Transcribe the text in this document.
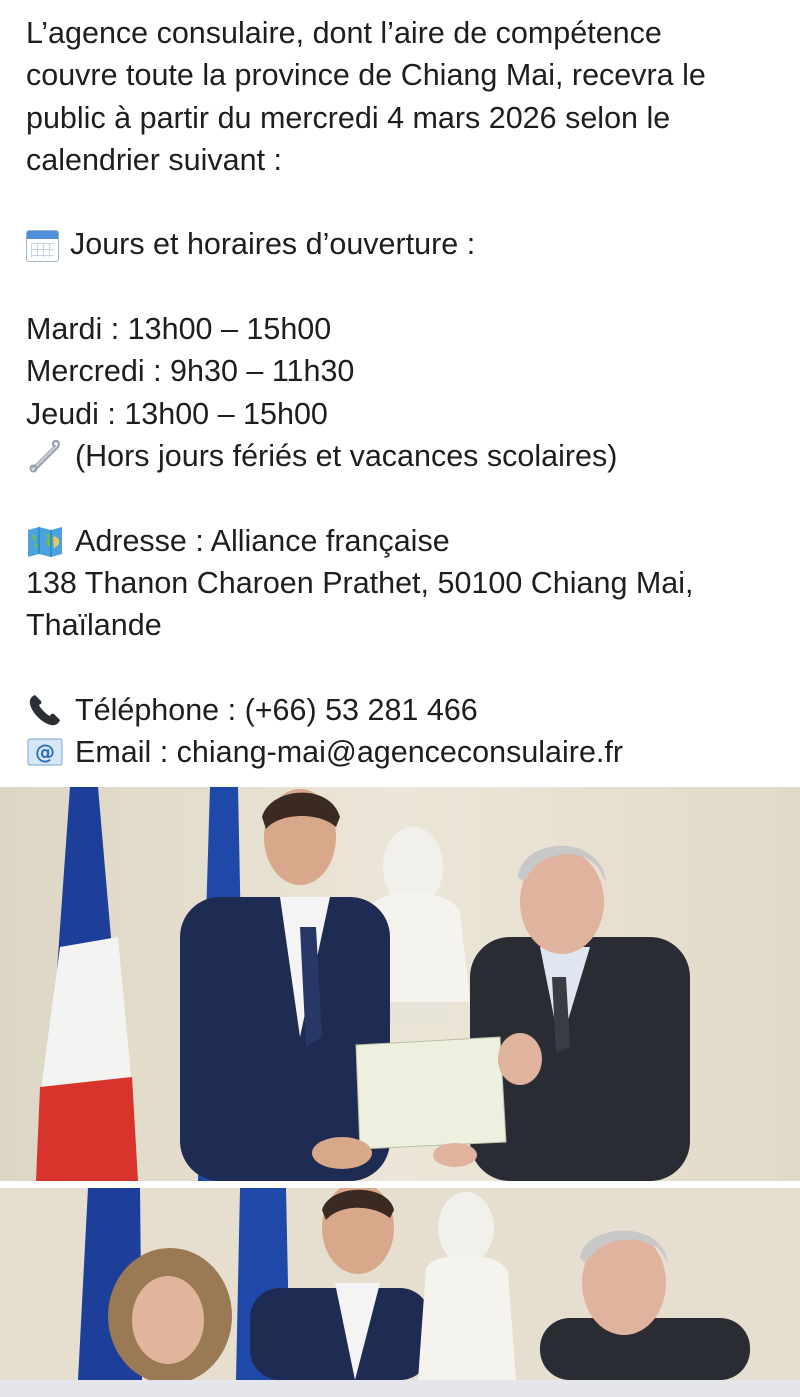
L’agence consulaire, dont l’aire de compétence
couvre toute la province de Chiang Mai, recevra le
public à partir du mercredi 4 mars 2026 selon le
calendrier suivant :
Jours et horaires d’ouverture :
Mardi : 13h00 – 15h00
Mercredi : 9h30 – 11h30
Jeudi : 13h00 – 15h00
(Hors jours fériés et vacances scolaires)
Adresse : Alliance française
138 Thanon Charoen Prathet, 50100 Chiang Mai,
Thaïlande
Téléphone : (+66) 53 281 466
@ Email : chiang-mai@agenceconsulaire.fr
